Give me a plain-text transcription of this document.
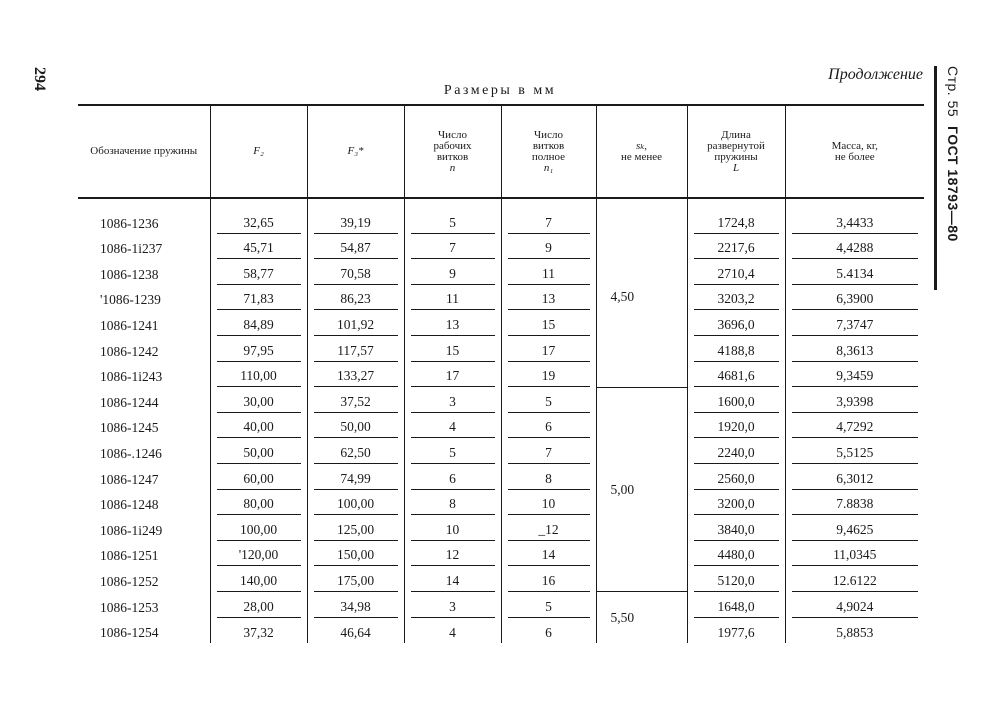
294	Продолжение Стр. 55  ГОСТ 18793—80
Размеры в мм
Обозначение пружины	F₂	F₃*	Число
рабочих
витков
n	Число
витков
полное
n₁	sₖ,
не менее	Длина
развернутой
пружины
L	Масса, кг,
не более

1086-1236	32,65	39,19	5	7	4,50	1724,8	3,4433

1086-1і237	45,71	54,87	7	9		2217,6	4,4288

1086-1238	58,77	70,58	9	11		2710,4	5.4134

'1086-1239	71,83	86,23	11	13		3203,2	6,3900

1086-1241	84,89	101,92	13	15		3696,0	7,3747

1086-1242	97,95	117,57	15	17		4188,8	8,3613

1086-1і243	110,00	133,27	17	19		4681,6	9,3459

1086-1244	30,00	37,52	3	5	5,00	1600,0	3,9398

1086-1245	40,00	50,00	4	6		1920,0	4,7292

1086-.1246	50,00	62,50	5	7		2240,0	5,5125

1086-1247	60,00	74,99	6	8		2560,0	6,3012

1086-1248	80,00	100,00	8	10		3200,0	7.8838

1086-1і249	100,00	125,00	10	_12		3840,0	9,4625

1086-1251	'120,00	150,00	12	14		4480,0	11,0345

1086-1252	140,00	175,00	14	16		5120,0	12.6122

1086-1253	28,00	34,98	3	5	5,50	1648,0	4,9024

1086-1254	37,32	46,64	4	6		1977,6	5,8853
